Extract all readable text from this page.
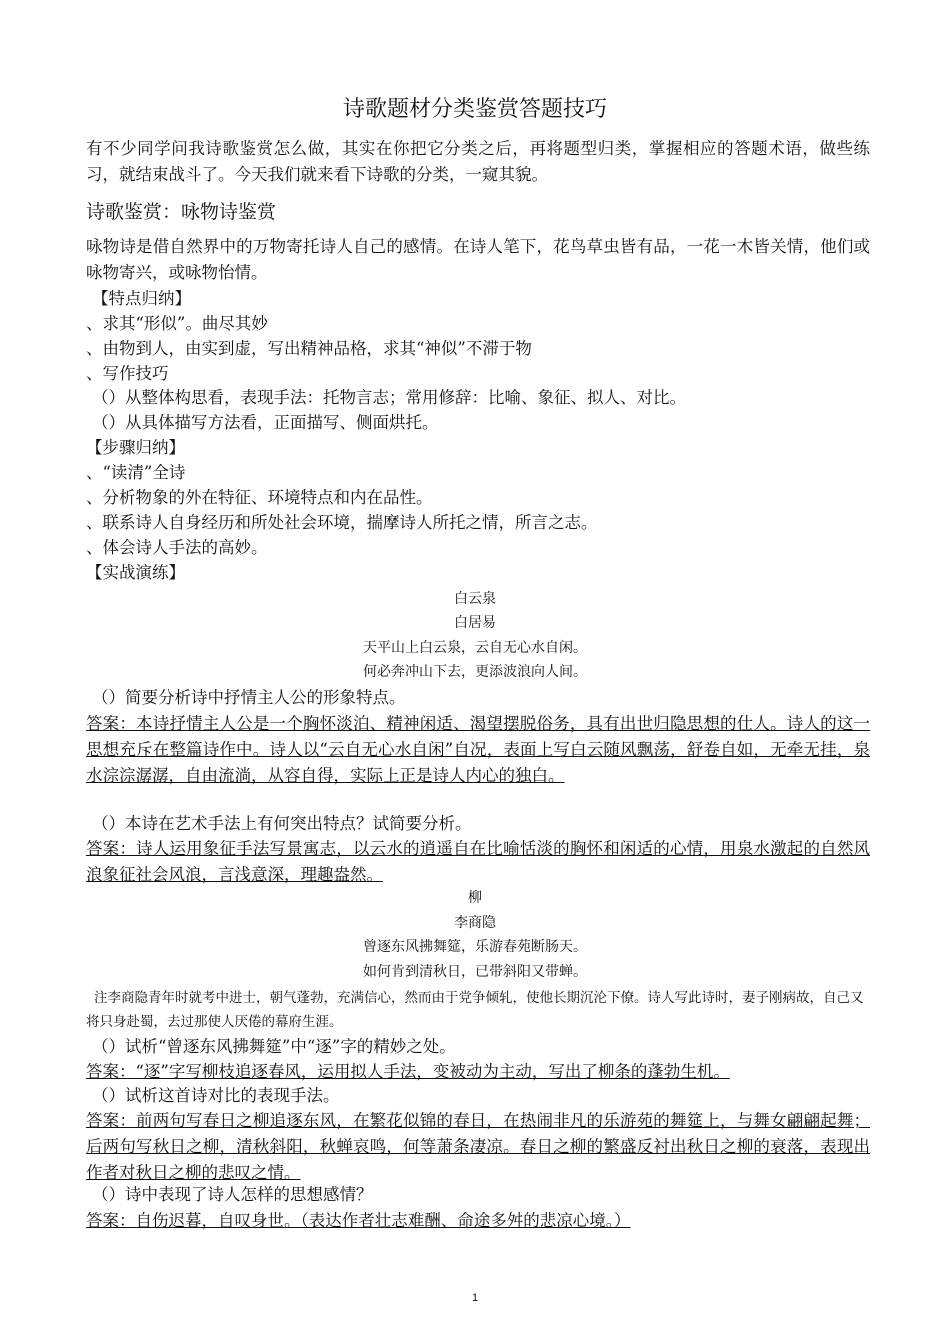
诗歌题材分类鉴赏答题技巧
有不少同学问我诗歌鉴赏怎么做，其实在你把它分类之后，再将题型归类，掌握相应的答题术语，做些练习，就结束战斗了。今天我们就来看下诗歌的分类，一窥其貌。
诗歌鉴赏：咏物诗鉴赏
咏物诗是借自然界中的万物寄托诗人自己的感情。在诗人笔下，花鸟草虫皆有品，一花一木皆关情，他们或咏物寄兴，或咏物怡情。
【特点归纳】
、求其“形似”。曲尽其妙
、由物到人，由实到虚，写出精神品格，求其“神似”不滞于物
、写作技巧
（）从整体构思看，表现手法：托物言志；常用修辞：比喻、象征、拟人、对比。
（）从具体描写方法看，正面描写、侧面烘托。
【步骤归纳】
、“读清”全诗
、分析物象的外在特征、环境特点和内在品性。
、联系诗人自身经历和所处社会环境，揣摩诗人所托之情，所言之志。
、体会诗人手法的高妙。
【实战演练】
白云泉
白居易
天平山上白云泉，云自无心水自闲。
何必奔冲山下去，更添波浪向人间。
（）简要分析诗中抒情主人公的形象特点。
答案：本诗抒情主人公是一个胸怀淡泊、精神闲适、渴望摆脱俗务，具有出世归隐思想的仕人。诗人的这一思想充斥在整篇诗作中。诗人以“云自无心水自闲”自况，表面上写白云随风飘荡，舒卷自如，无牵无挂，泉水淙淙潺潺，自由流淌，从容自得，实际上正是诗人内心的独白。
（）本诗在艺术手法上有何突出特点？试简要分析。
答案：诗人运用象征手法写景寓志，以云水的逍遥自在比喻恬淡的胸怀和闲适的心情，用泉水激起的自然风浪象征社会风浪，言浅意深，理趣盎然。
柳
李商隐
曾逐东风拂舞筵，乐游春苑断肠天。
如何肯到清秋日，已带斜阳又带蝉。
注李商隐青年时就考中进士，朝气蓬勃，充满信心，然而由于党争倾轧，使他长期沉沦下僚。诗人写此诗时，妻子刚病故，自己又将只身赴蜀，去过那使人厌倦的幕府生涯。
（）试析“曾逐东风拂舞筵”中“逐”字的精妙之处。
答案：“逐”字写柳枝追逐春风，运用拟人手法，变被动为主动，写出了柳条的蓬勃生机。
（）试析这首诗对比的表现手法。
答案：前两句写春日之柳追逐东风，在繁花似锦的春日，在热闹非凡的乐游苑的舞筵上，与舞女翩翩起舞；后两句写秋日之柳，清秋斜阳，秋蝉哀鸣，何等萧条凄凉。春日之柳的繁盛反衬出秋日之柳的衰落，表现出作者对秋日之柳的悲叹之情。
（）诗中表现了诗人怎样的思想感情？
答案：自伤迟暮，自叹身世。（表达作者壮志难酬、命途多舛的悲凉心境。）
1
